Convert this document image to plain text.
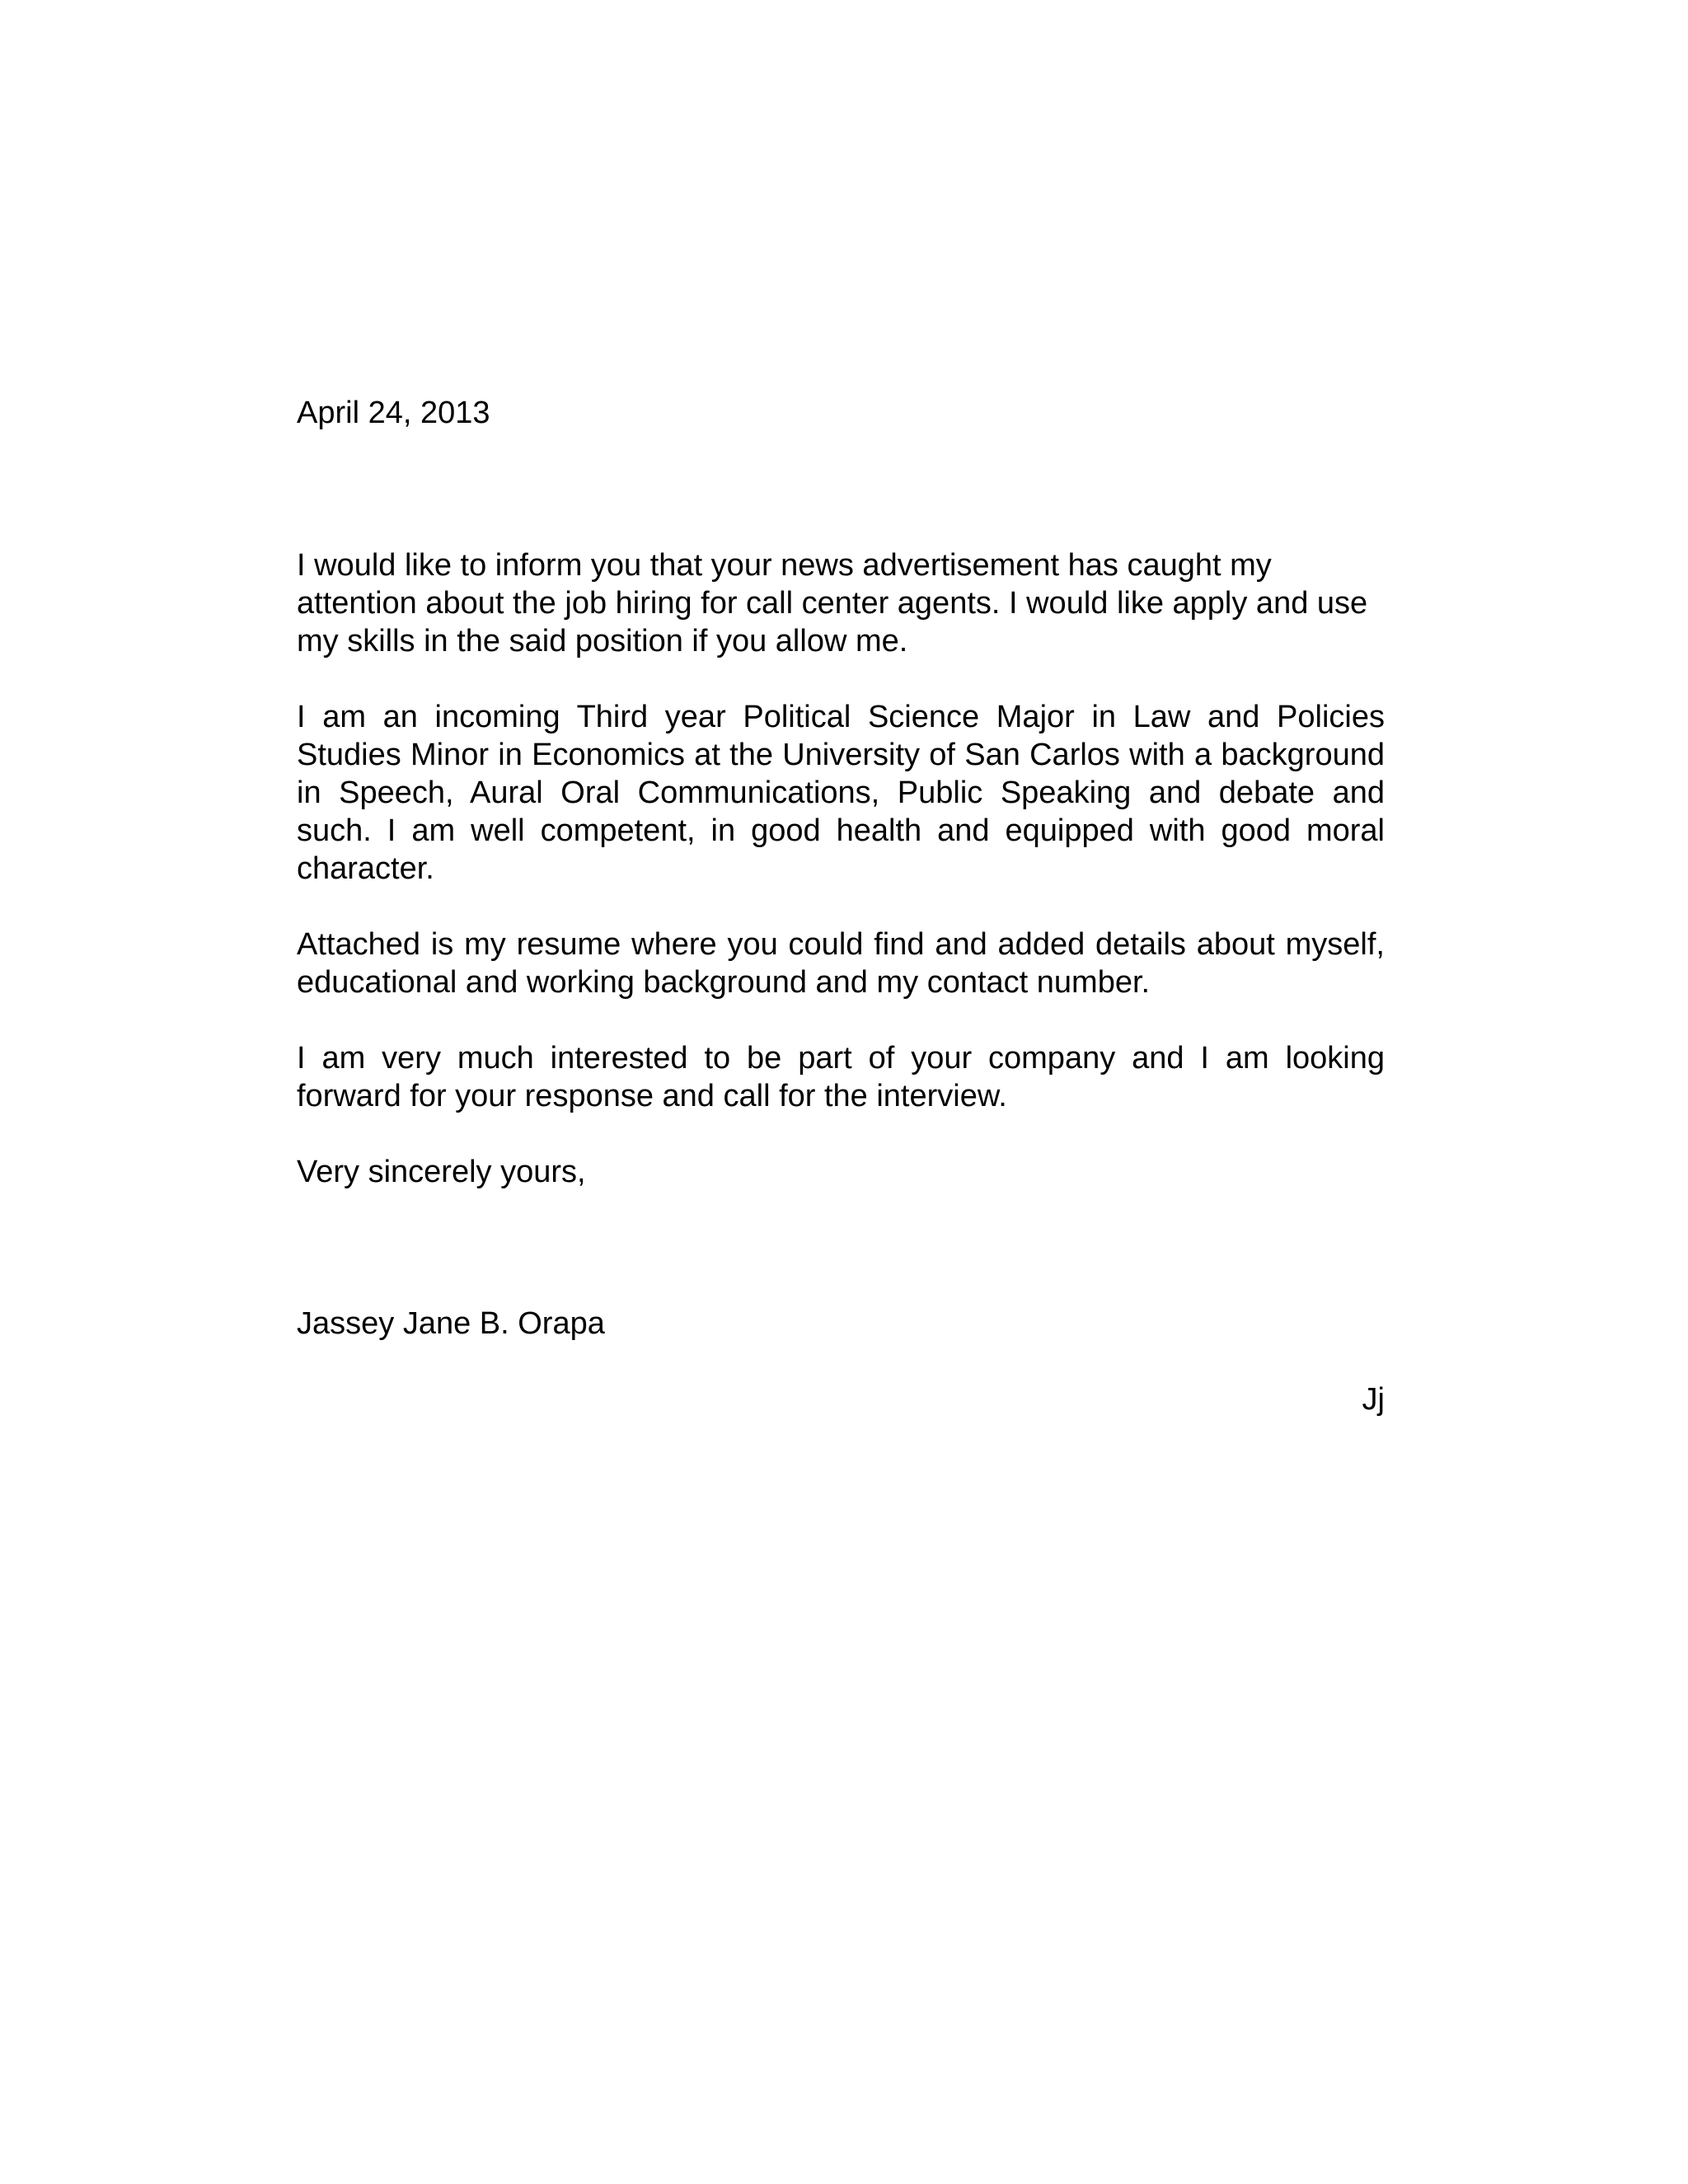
April 24, 2013

I would like to inform you that your news advertisement has caught my attention about the job hiring for call center agents. I would like apply and use my skills in the said position if you allow me.

I am an incoming Third year Political Science Major in Law and Policies Studies Minor in Economics at the University of San Carlos with a background in Speech, Aural Oral Communications, Public Speaking and debate and such. I am well competent, in good health and equipped with good moral character.

Attached is my resume where you could find and added details about myself, educational and working background and my contact number.

I am very much interested to be part of your company and I am looking forward for your response and call for the interview.

Very sincerely yours,

Jassey Jane B. Orapa

Jj
